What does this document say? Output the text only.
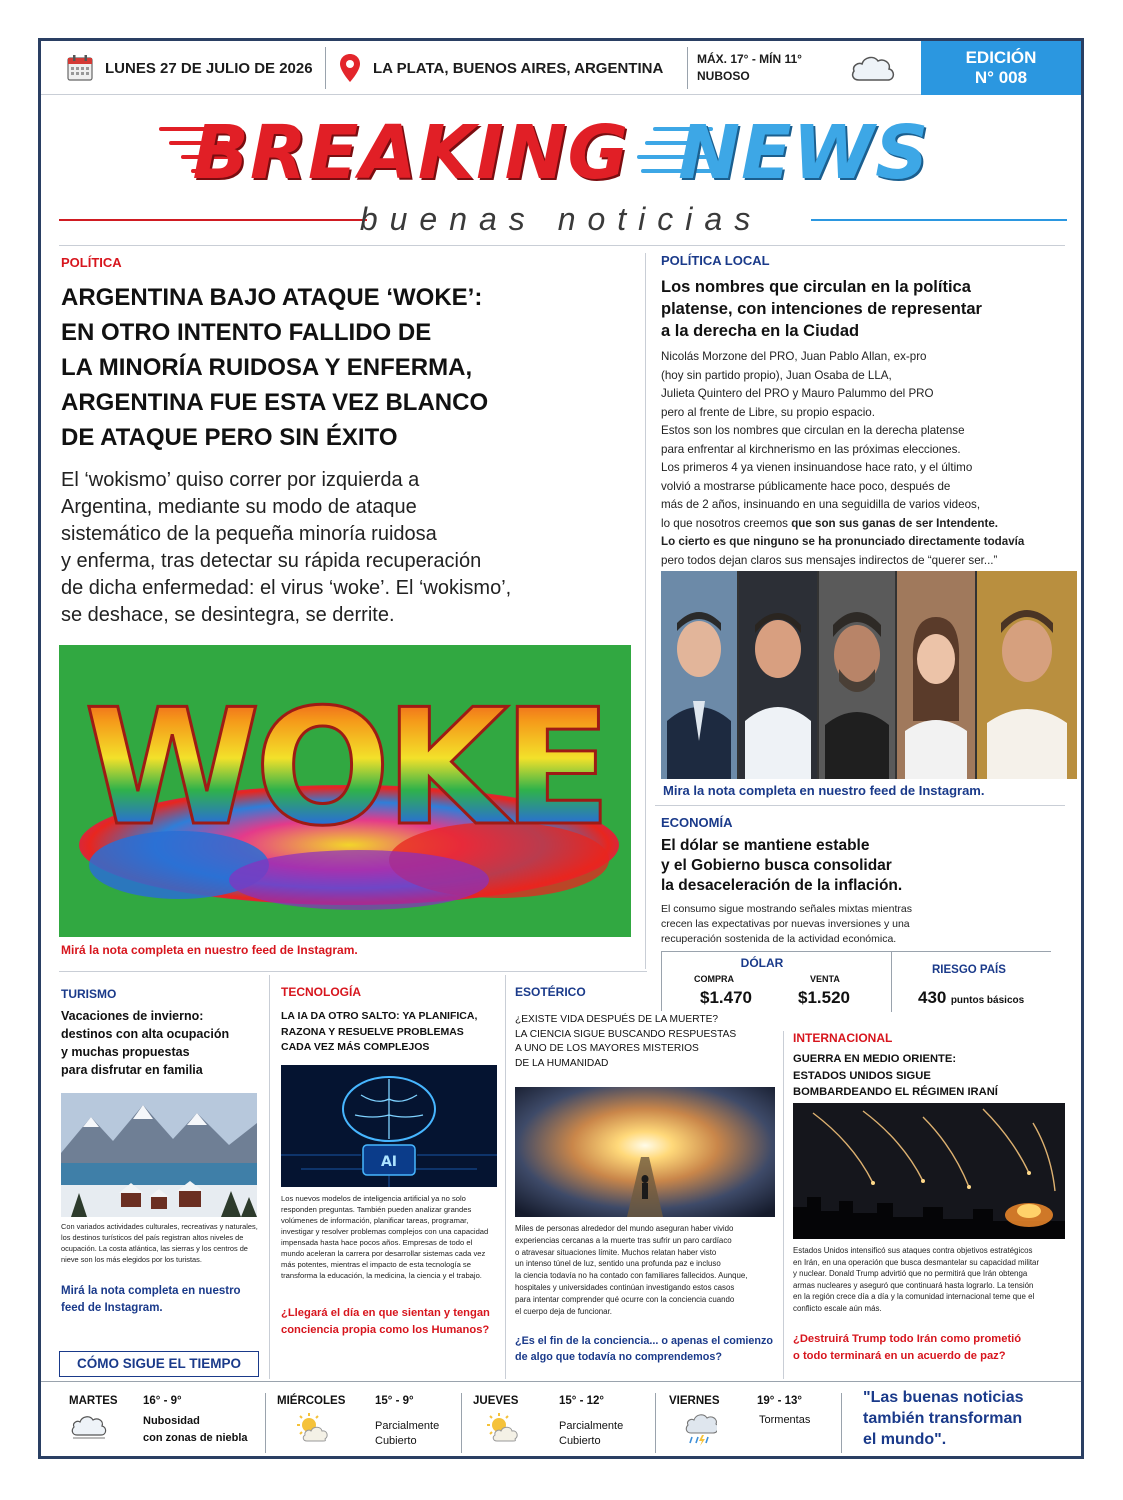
LUNES 27 DE JULIO DE 2026	LA PLATA, BUENOS AIRES, ARGENTINA
MÁX. 17° - MÍN 11°
NUBOSO
EDICIÓN
N° 008
BREAKING NEWS
buenas noticias
POLÍTICA
ARGENTINA BAJO ATAQUE ‘WOKE’:
EN OTRO INTENTO FALLIDO DE
LA MINORÍA RUIDOSA Y ENFERMA,
ARGENTINA FUE ESTA VEZ BLANCO
DE ATAQUE PERO SIN ÉXITO
El ‘wokismo’ quiso correr por izquierda a
Argentina, mediante su modo de ataque
sistemático de la pequeña minoría ruidosa
y enferma, tras detectar su rápida recuperación
de dicha enfermedad: el virus ‘woke’. El ‘wokismo’,
se deshace, se desintegra, se derrite.
WOKE
Mirá la nota completa en nuestro feed de Instagram.
POLÍTICA LOCAL
Los nombres que circulan en la política
platense, con intenciones de representar
a la derecha en la Ciudad
Nicolás Morzone del PRO, Juan Pablo Allan, ex-pro
(hoy sin partido propio), Juan Osaba de LLA,
Julieta Quintero del PRO y Mauro Palummo del PRO
pero al frente de Libre, su propio espacio.
Estos son los nombres que circulan en la derecha platense
para enfrentar al kirchnerismo en las próximas elecciones.
Los primeros 4 ya vienen insinuandose hace rato, y el último
volvió a mostrarse públicamente hace poco, después de
más de 2 años, insinuando en una seguidilla de varios videos,
lo que nosotros creemos que son sus ganas de ser Intendente.
Lo cierto es que ninguno se ha pronunciado directamente todavía
pero todos dejan claros sus mensajes indirectos de “querer ser...”
Mira la nota completa en nuestro feed de Instagram.
ECONOMÍA
El dólar se mantiene estable
y el Gobierno busca consolidar
la desaceleración de la inflación.
El consumo sigue mostrando señales mixtas mientras
crecen las expectativas por nuevas inversiones y una
recuperación sostenida de la actividad económica.
DÓLAR
COMPRA
$1.470
VENTA
$1.520
RIESGO PAÍS
430 puntos básicos
TURISMO
Vacaciones de invierno:
destinos con alta ocupación
y muchas propuestas
para disfrutar en familia
Con variados actividades culturales, recreativas y naturales,
los destinos turísticos del país registran altos niveles de
ocupación. La costa atlántica, las sierras y los centros de
nieve son los más elegidos por los turistas.
Mirá la nota completa en nuestro
feed de Instagram.
TECNOLOGÍA
LA IA DA OTRO SALTO: YA PLANIFICA,
RAZONA Y RESUELVE PROBLEMAS
CADA VEZ MÁS COMPLEJOS
AI
Los nuevos modelos de inteligencia artificial ya no solo
responden preguntas. También pueden analizar grandes
volúmenes de información, planificar tareas, programar,
investigar y resolver problemas complejos con una capacidad
impensada hasta hace pocos años. Empresas de todo el
mundo aceleran la carrera por desarrollar sistemas cada vez
más potentes, mientras el impacto de esta tecnología se
transforma la educación, la medicina, la ciencia y el trabajo.
¿Llegará el día en que sientan y tengan
conciencia propia como los Humanos?
ESOTÉRICO
¿EXISTE VIDA DESPUÉS DE LA MUERTE?
LA CIENCIA SIGUE BUSCANDO RESPUESTAS
A UNO DE LOS MAYORES MISTERIOS
DE LA HUMANIDAD
Miles de personas alrededor del mundo aseguran haber vivido
experiencias cercanas a la muerte tras sufrir un paro cardíaco
o atravesar situaciones límite. Muchos relatan haber visto
un intenso túnel de luz, sentido una profunda paz e incluso
la ciencia todavía no ha contado con familiares fallecidos. Aunque,
hospitales y universidades continúan investigando estos casos
para intentar comprender qué ocurre con la conciencia cuando
el cuerpo deja de funcionar.
¿Es el fin de la conciencia... o apenas el comienzo
de algo que todavía no comprendemos?
INTERNACIONAL
GUERRA EN MEDIO ORIENTE:
ESTADOS UNIDOS SIGUE
BOMBARDEANDO EL RÉGIMEN IRANÍ
Estados Unidos intensificó sus ataques contra objetivos estratégicos
en Irán, en una operación que busca desmantelar su capacidad militar
y nuclear. Donald Trump advirtió que no permitirá que Irán obtenga
armas nucleares y aseguró que continuará hasta lograrlo. La tensión
en la región crece día a día y la comunidad internacional teme que el
conflicto escale aún más.
¿Destruirá Trump todo Irán como prometió
o todo terminará en un acuerdo de paz?
CÓMO SIGUE EL TIEMPO
MARTES 16° - 9°
Nubosidad
con zonas de niebla
MIÉRCOLES	15° - 9°
Parcialmente
Cubierto
JUEVES	15° - 12°
Parcialmente
Cubierto
VIERNES	19° - 13°
Tormentas
"Las buenas noticias
también transforman
el mundo".
